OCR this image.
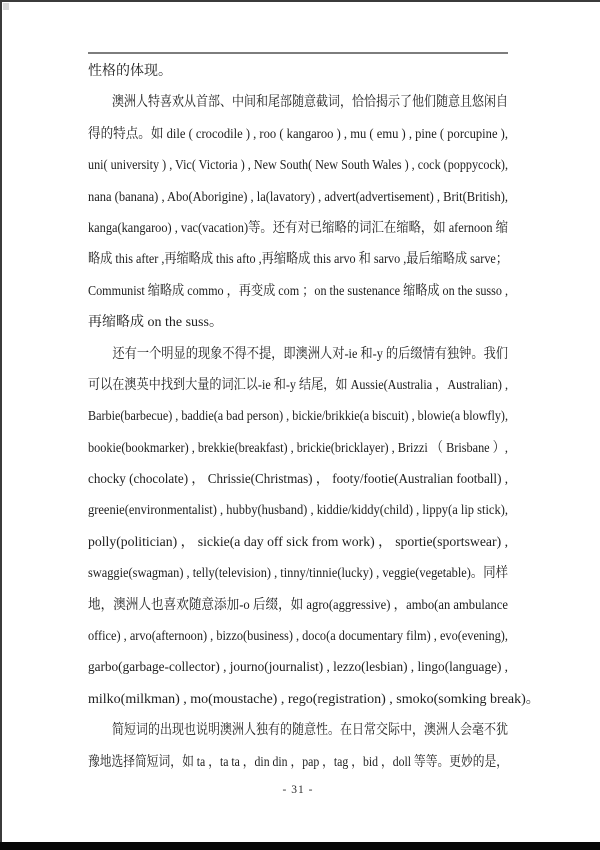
性格的体现。
　　澳洲人特喜欢从首部、中间和尾部随意截词，恰恰揭示了他们随意且悠闲自
得的特点。如 dile ( crocodile ) , roo ( kangaroo ) , mu ( emu ) , pine ( porcupine ),
uni( university ) , Vic( Victoria ) , New South( New South Wales ) , cock (poppycock),
nana (banana) , Abo(Aborigine) , la(lavatory) , advert(advertisement) , Brit(British),
kanga(kangaroo) , vac(vacation)等。还有对已缩略的词汇在缩略，如 afernoon 缩
略成 this after ,再缩略成 this afto ,再缩略成 this arvo 和 sarvo ,最后缩略成 sarve；
Communist 缩略成 commo ，再变成 com ；on the sustenance 缩略成 on the susso ,
再缩略成 on the suss。
　　还有一个明显的现象不得不提，即澳洲人对-ie 和-y 的后缀情有独钟。我们
可以在澳英中找到大量的词汇以-ie 和-y 结尾，如 Aussie(Australia ，Australian) ,
Barbie(barbecue) , baddie(a bad person) , bickie/brikkie(a biscuit) , blowie(a blowfly),
bookie(bookmarker) , brekkie(breakfast) , brickie(bricklayer) , Brizzi （ Brisbane ）,
chocky (chocolate) ， Chrissie(Christmas) ， footy/footie(Australian football) ,
greenie(environmentalist) , hubby(husband) , kiddie/kiddy(child) , lippy(a lip stick),
polly(politician) ， sickie(a day off sick from work) ， sportie(sportswear) ,
swaggie(swagman) , telly(television) , tinny/tinnie(lucky) , veggie(vegetable)。同样
地，澳洲人也喜欢随意添加-o 后缀，如 agro(aggressive) ，ambo(an ambulance
office) , arvo(afternoon) , bizzo(business) , doco(a documentary film) , evo(evening),
garbo(garbage-collector) , journo(journalist) , lezzo(lesbian) , lingo(language) ,
milko(milkman) , mo(moustache) , rego(registration) , smoko(somking break)。
　　简短词的出现也说明澳洲人独有的随意性。在日常交际中，澳洲人会毫不犹
豫地选择简短词，如 ta ，ta ta ，din din ，pap ，tag ，bid ，doll 等等。更妙的是，
- 31 -
